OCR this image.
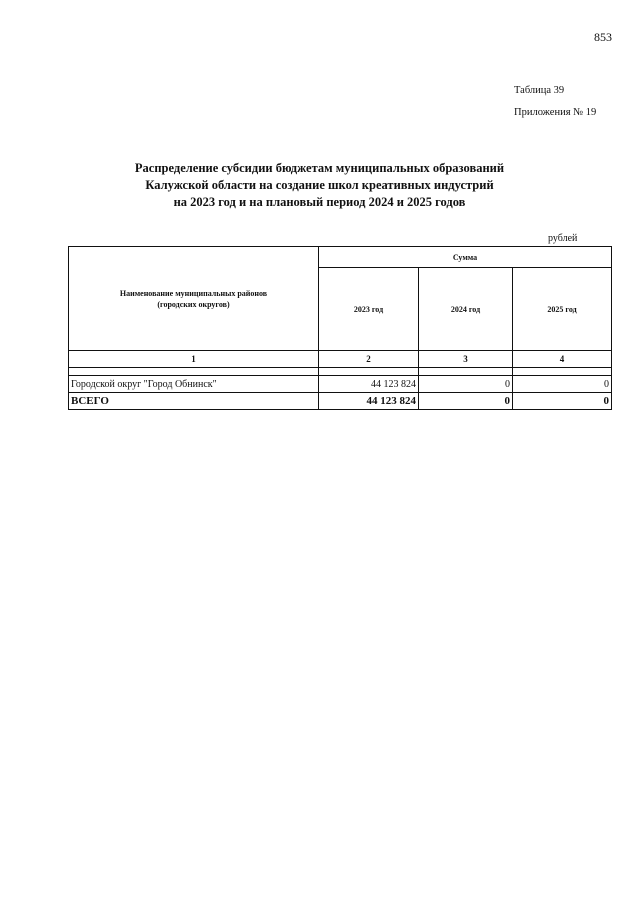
853
Таблица 39
Приложения № 19
Распределение субсидии бюджетам муниципальных образований
Калужской области на создание школ креативных индустрий
на 2023 год и на плановый период 2024 и 2025 годов
рублей
Наименование муниципальных районов
(городских округов)	Сумма		
	2023 год	2024 год	2025 год
1	2	3	4

Городской округ "Город Обнинск"	44 123 824	0	0
ВСЕГО	44 123 824	0	0
